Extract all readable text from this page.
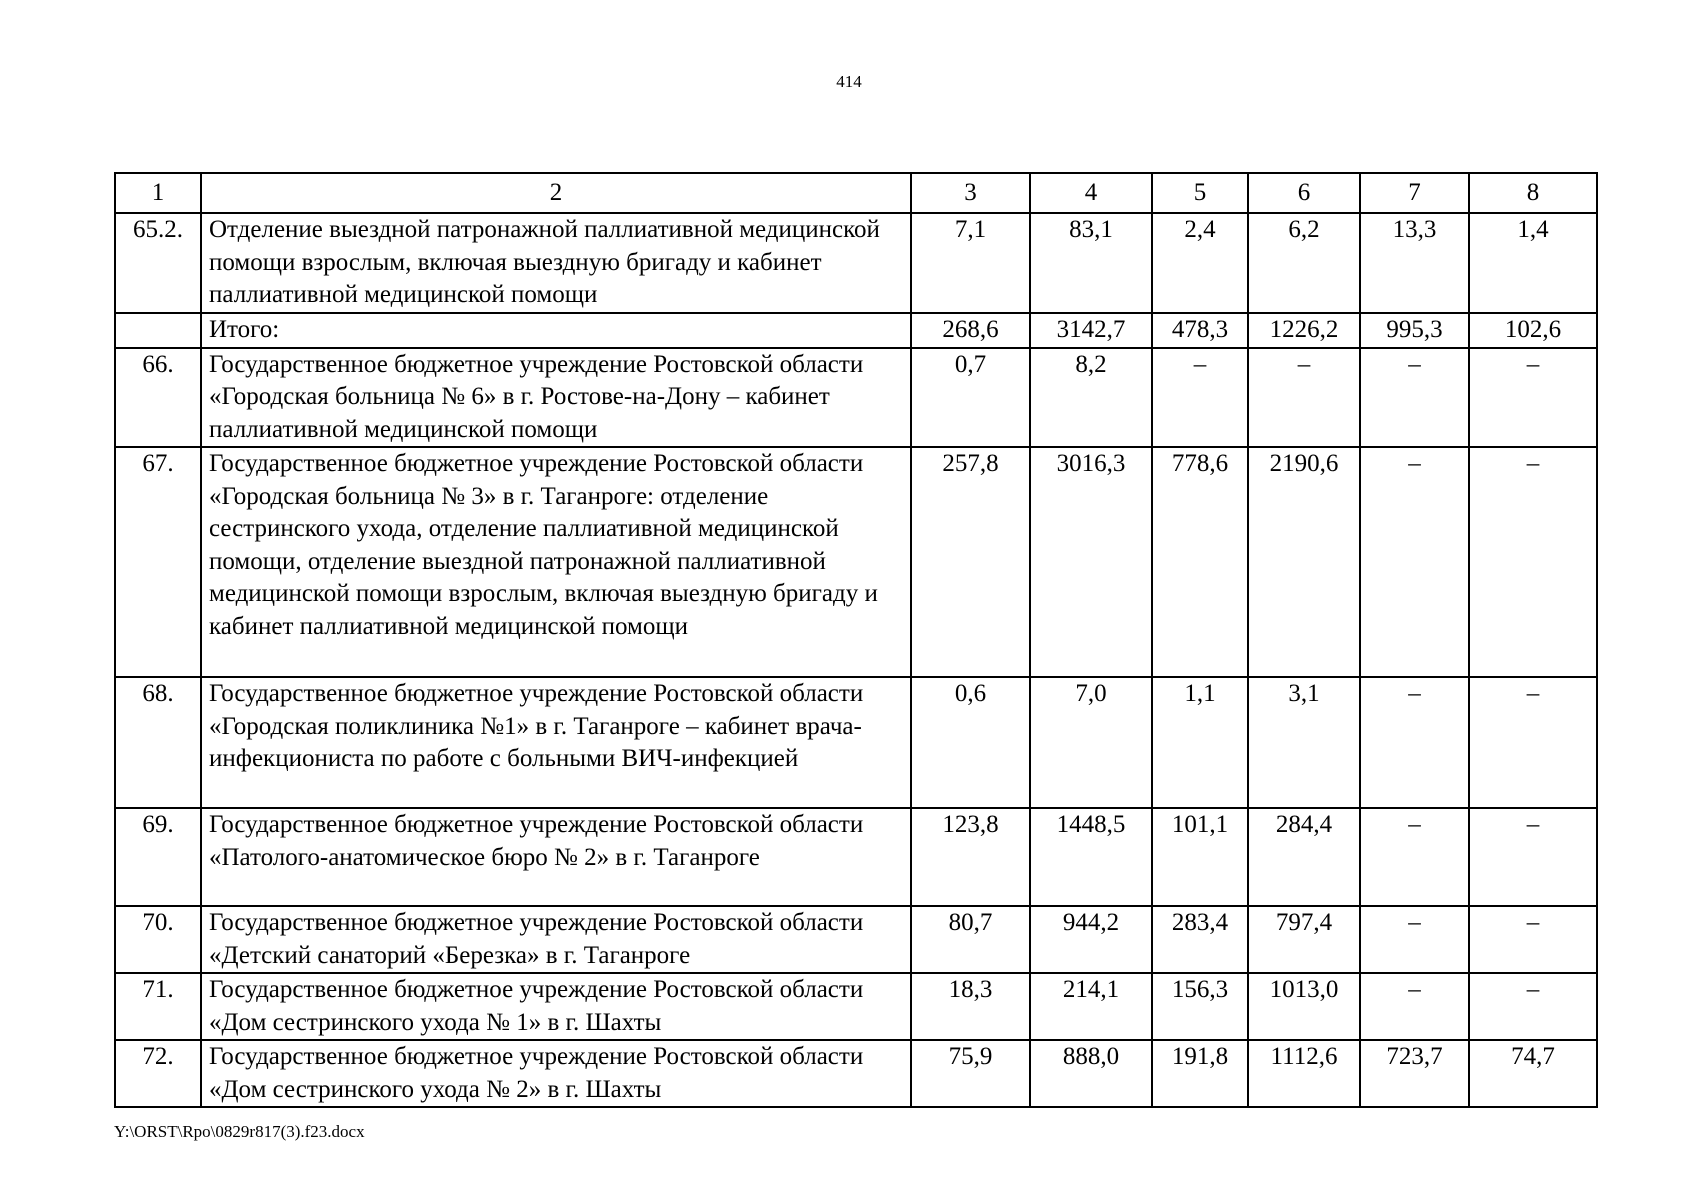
414
1	2	3	4	5	6	7	8
65.2.	Отделение выездной патронажной паллиативной медицинской помощи взрослым, включая выездную бригаду и кабинет паллиативной медицинской помощи	7,1	83,1	2,4	6,2	13,3	1,4
	Итого:	268,6	3142,7	478,3	1226,2	995,3	102,6
66.	Государственное бюджетное учреждение Ростовской области «Городская больница № 6» в г. Ростове-на-Дону – кабинет паллиативной медицинской помощи	0,7	8,2	–	–	–	–
67.	Государственное бюджетное учреждение Ростовской области «Городская больница № 3» в г. Таганроге: отделение сестринского ухода, отделение паллиативной медицинской помощи, отделение выездной патронажной паллиативной медицинской помощи взрослым, включая выездную бригаду и кабинет паллиативной медицинской помощи	257,8	3016,3	778,6	2190,6	–	–
68.	Государственное бюджетное учреждение Ростовской области «Городская поликлиника №1» в г. Таганроге – кабинет врача-инфекциониста по работе с больными ВИЧ-инфекцией	0,6	7,0	1,1	3,1	–	–
69.	Государственное бюджетное учреждение Ростовской области «Патолого-анатомическое бюро № 2» в г. Таганроге	123,8	1448,5	101,1	284,4	–	–
70.	Государственное бюджетное учреждение Ростовской области «Детский санаторий «Березка» в г. Таганроге	80,7	944,2	283,4	797,4	–	–
71.	Государственное бюджетное учреждение Ростовской области «Дом сестринского ухода № 1» в г. Шахты	18,3	214,1	156,3	1013,0	–	–
72.	Государственное бюджетное учреждение Ростовской области «Дом сестринского ухода № 2» в г. Шахты	75,9	888,0	191,8	1112,6	723,7	74,7
Y:\ORST\Rpo\0829r817(3).f23.docx
